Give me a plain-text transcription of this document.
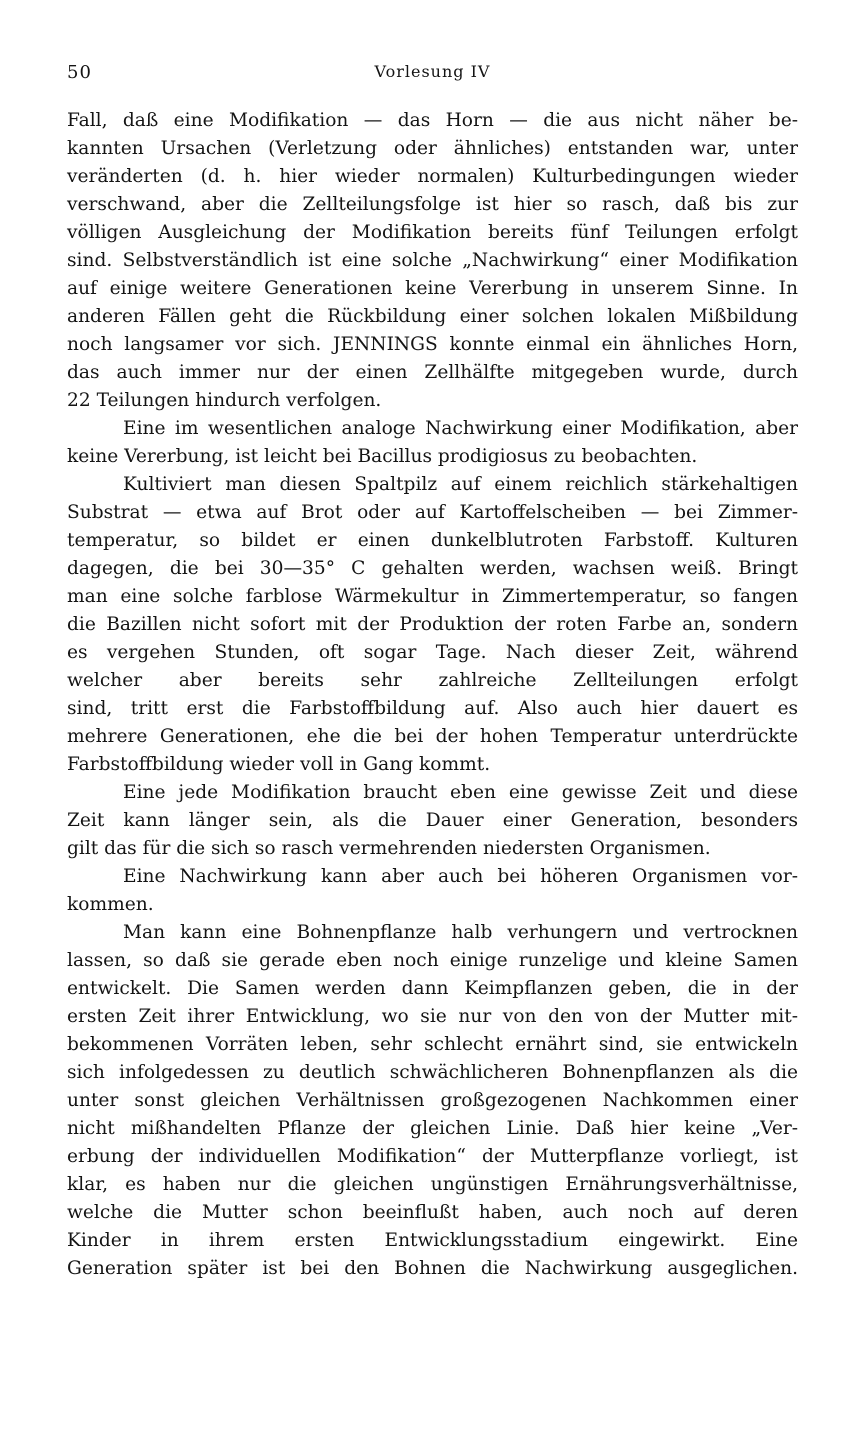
50	Vorlesung IV
Fall, daß eine Modifikation — das Horn — die aus nicht näher be-
kannten Ursachen (Verletzung oder ähnliches) entstanden war, unter
veränderten (d. h. hier wieder normalen) Kulturbedingungen wieder
verschwand, aber die Zellteilungsfolge ist hier so rasch, daß bis zur
völligen Ausgleichung der Modifikation bereits fünf Teilungen erfolgt
sind. Selbstverständlich ist eine solche „Nachwirkung“ einer Modifikation
auf einige weitere Generationen keine Vererbung in unserem Sinne. In
anderen Fällen geht die Rückbildung einer solchen lokalen Mißbildung
noch langsamer vor sich. JENNINGS konnte einmal ein ähnliches Horn,
das auch immer nur der einen Zellhälfte mitgegeben wurde, durch
22 Teilungen hindurch verfolgen.
Eine im wesentlichen analoge Nachwirkung einer Modifikation, aber
keine Vererbung, ist leicht bei Bacillus prodigiosus zu beobachten.
Kultiviert man diesen Spaltpilz auf einem reichlich stärkehaltigen
Substrat — etwa auf Brot oder auf Kartoffelscheiben — bei Zimmer-
temperatur, so bildet er einen dunkelblutroten Farbstoff. Kulturen
dagegen, die bei 30—35° C gehalten werden, wachsen weiß. Bringt
man eine solche farblose Wärmekultur in Zimmertemperatur, so fangen
die Bazillen nicht sofort mit der Produktion der roten Farbe an, sondern
es vergehen Stunden, oft sogar Tage. Nach dieser Zeit, während
welcher aber bereits sehr zahlreiche Zellteilungen erfolgt
sind, tritt erst die Farbstoffbildung auf. Also auch hier dauert es
mehrere Generationen, ehe die bei der hohen Temperatur unterdrückte
Farbstoffbildung wieder voll in Gang kommt.
Eine jede Modifikation braucht eben eine gewisse Zeit und diese
Zeit kann länger sein, als die Dauer einer Generation, besonders
gilt das für die sich so rasch vermehrenden niedersten Organismen.
Eine Nachwirkung kann aber auch bei höheren Organismen vor-
kommen.
Man kann eine Bohnenpflanze halb verhungern und vertrocknen
lassen, so daß sie gerade eben noch einige runzelige und kleine Samen
entwickelt. Die Samen werden dann Keimpflanzen geben, die in der
ersten Zeit ihrer Entwicklung, wo sie nur von den von der Mutter mit-
bekommenen Vorräten leben, sehr schlecht ernährt sind, sie entwickeln
sich infolgedessen zu deutlich schwächlicheren Bohnenpflanzen als die
unter sonst gleichen Verhältnissen großgezogenen Nachkommen einer
nicht mißhandelten Pflanze der gleichen Linie. Daß hier keine „Ver-
erbung der individuellen Modifikation“ der Mutterpflanze vorliegt, ist
klar, es haben nur die gleichen ungünstigen Ernährungsverhältnisse,
welche die Mutter schon beeinflußt haben, auch noch auf deren
Kinder in ihrem ersten Entwicklungsstadium eingewirkt. Eine
Generation später ist bei den Bohnen die Nachwirkung ausgeglichen.
